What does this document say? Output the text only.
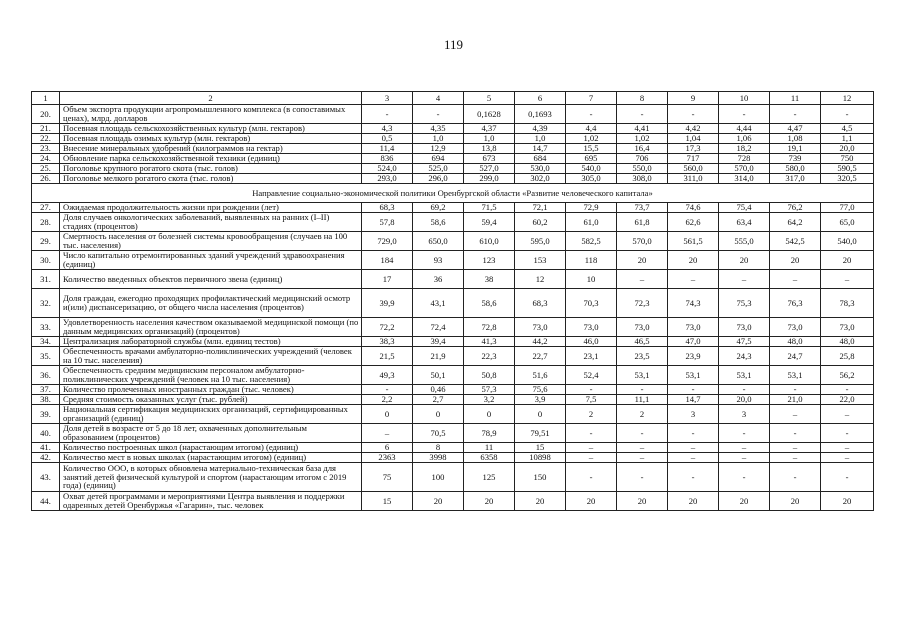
119
1	2	3	4	5	6	7	8	9	10	11	12
20.	Объем экспорта продукции агропромышленного комплекса (в сопоставимых ценах), млрд. долларов	-	-	0,1628	0,1693	-	-	-	-	-	-
21.	Посевная площадь сельскохозяйственных культур (млн. гектаров)	4,3	4,35	4,37	4,39	4,4	4,41	4,42	4,44	4,47	4,5
22.	Посевная площадь озимых культур (млн. гектаров)	0,5	1,0	1,0	1,0	1,02	1,02	1,04	1,06	1,08	1,1
23.	Внесение минеральных удобрений (килограммов на гектар)	11,4	12,9	13,8	14,7	15,5	16,4	17,3	18,2	19,1	20,0
24.	Обновление парка сельскохозяйственной техники (единиц)	836	694	673	684	695	706	717	728	739	750
25.	Поголовье крупного рогатого скота (тыс. голов)	524,0	525,0	527,0	530,0	540,0	550,0	560,0	570,0	580,0	590,5
26.	Поголовье мелкого рогатого скота (тыс. голов)	293,0	296,0	299,0	302,0	305,0	308,0	311,0	314,0	317,0	320,5
Направление социально-экономической политики Оренбургской области «Развитие человеческого капитала»											
27.	Ожидаемая продолжительность жизни при рождении (лет)	68,3	69,2	71,5	72,1	72,9	73,7	74,6	75,4	76,2	77,0
28.	Доля случаев онкологических заболеваний, выявленных на ранних (I–II) стадиях (процентов)	57,8	58,6	59,4	60,2	61,0	61,8	62,6	63,4	64,2	65,0
29.	Смертность населения от болезней системы кровообращения (случаев на 100 тыс. населения)	729,0	650,0	610,0	595,0	582,5	570,0	561,5	555,0	542,5	540,0
30.	Число капитально отремонтированных зданий учреждений здравоохранения (единиц)	184	93	123	153	118	20	20	20	20	20
31.	Количество введенных объектов первичного звена (единиц)	17	36	38	12	10	–	–	–	–	–
32.	Доля граждан, ежегодно проходящих профилактический медицинский осмотр и(или) диспансеризацию, от общего числа населения (процентов)	39,9	43,1	58,6	68,3	70,3	72,3	74,3	75,3	76,3	78,3
33.	Удовлетворенность населения качеством оказываемой медицинской помощи (по данным медицинских организаций) (процентов)	72,2	72,4	72,8	73,0	73,0	73,0	73,0	73,0	73,0	73,0
34.	Централизация лабораторной службы (млн. единиц тестов)	38,3	39,4	41,3	44,2	46,0	46,5	47,0	47,5	48,0	48,0
35.	Обеспеченность врачами амбулаторно-поликлинических учреждений (человек на 10 тыс. населения)	21,5	21,9	22,3	22,7	23,1	23,5	23,9	24,3	24,7	25,8
36.	Обеспеченность средним медицинским персоналом амбулаторно-поликлинических учреждений (человек на 10 тыс. населения)	49,3	50,1	50,8	51,6	52,4	53,1	53,1	53,1	53,1	56,2
37.	Количество пролеченных иностранных граждан (тыс. человек)	-	0,46	57,3	75,6	-	-	-	-	-	-
38.	Средняя стоимость оказанных услуг (тыс. рублей)	2,2	2,7	3,2	3,9	7,5	11,1	14,7	20,0	21,0	22,0
39.	Национальная сертификация медицинских организаций, сертифицированных организаций (единиц)	0	0	0	0	2	2	3	3	–	–
40.	Доля детей в возрасте от 5 до 18 лет, охваченных дополнительным образованием (процентов)	–	70,5	78,9	79,51	-	-	-	-	-	-
41.	Количество построенных школ (нарастающим итогом) (единиц)	6	8	11	15	–	–	–	–	–	–
42.	Количество мест в новых школах (нарастающим итогом) (единиц)	2363	3998	6358	10898	–	–	–	–	–	–
43.	Количество ООО, в которых обновлена материально-техническая база для занятий детей физической культурой и спортом (нарастающим итогом с 2019 года) (единиц)	75	100	125	150	-	-	-	-	-	-
44.	Охват детей программами и мероприятиями Центра выявления и поддержки одаренных детей Оренбуржья «Гагарин», тыс. человек	15	20	20	20	20	20	20	20	20	20
